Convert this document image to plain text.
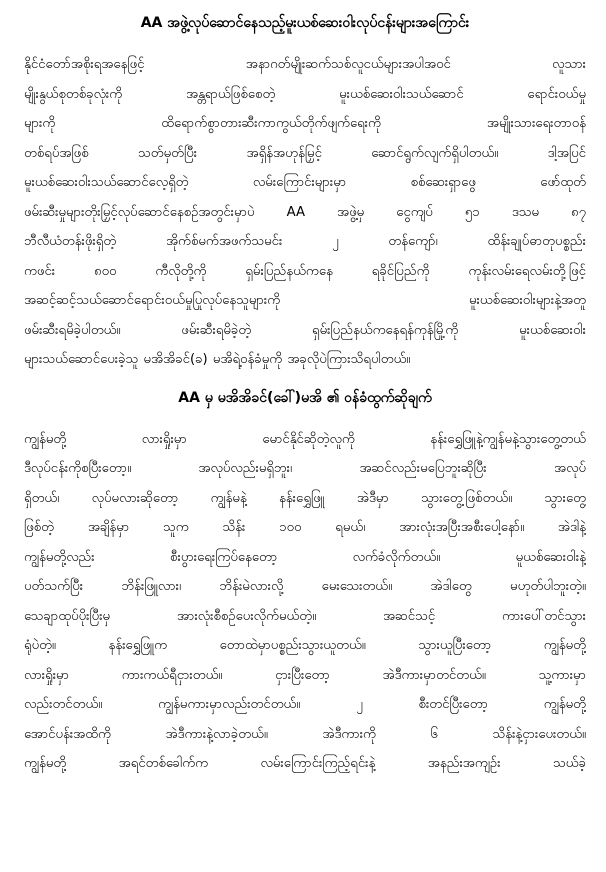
AA အဖွဲ့လုပ်ဆောင်နေသည့်မူးယစ်ဆေးဝါးလုပ်ငန်းများအကြောင်း
နိုင်ငံတော်အစိုးရအနေဖြင့် အနာဂတ်မျိုးဆက်သစ်လူငယ်များအပါအဝင် လူသား
မျိုးနွယ်စုတစ်ခုလုံးကို အန္တရာယ်ဖြစ်စေတဲ့ မူးယစ်ဆေးဝါးသယ်ဆောင် ရောင်းဝယ်မှု
များကို ထိရောက်စွာတားဆီးကာကွယ်တိုက်ဖျက်ရေးကို အမျိုးသားရေးတာဝန်
တစ်ရပ်အဖြစ် သတ်မှတ်ပြီး အရှိန်အဟုန်မြှင့် ဆောင်ရွက်လျက်ရှိပါတယ်။ ဒါ့အပြင်
မူးယစ်ဆေးဝါးသယ်ဆောင်လေ့ရှိတဲ့ လမ်းကြောင်းများမှာ စစ်ဆေးရှာဖွေ ဖော်ထုတ်
ဖမ်းဆီးမှုများတိုးမြှင့်လုပ်ဆောင်နေစဉ်အတွင်းမှာပဲ AA အဖွဲ့မှ ငွေကျပ် ၅၁ ဒသမ ၈၇
ဘီလီယံတန်းဖိုးရှိတဲ့ အိုက်စ်မက်အဖက်သမင်း ၂ တန်ကျော်၊ ထိန်းချုပ်ဓာတုပစ္စည်း
ကဖင်း ၈၀၀ ကီလိုတို့ကို ရှမ်းပြည်နယ်ကနေ ရခိုင်ပြည်ကို ကုန်းလမ်းရေလမ်းတို့ဖြင့်
အဆင့်ဆင့်သယ်ဆောင်ရောင်းဝယ်မှုပြုလုပ်နေသူများကို မူးယစ်ဆေးဝါးများနဲ့အတူ
ဖမ်းဆီးရမိခဲ့ပါတယ်။ ဖမ်းဆီးရမိခဲ့တဲ့ ရှမ်းပြည်နယ်ကနေရန်ကုန်မြို့ကို မူးယစ်ဆေးဝါး
များသယ်ဆောင်ပေးခဲ့သူ မအိအိခင်(ခ) မအိရဲ့ဝန်ခံမှုကို အခုလိုပဲကြားသိရပါတယ်။
AA မှ မအိအိခင်(ခေါ်)မအိ ၏ ဝန်ခံထွက်ဆိုချက်
ကျွန်မတို့ လားရှိုးမှာ မောင်နိုင်ဆိုတဲ့လူကို နန်းရွှေဖြူနဲ့ကျွန်မနဲ့သွားတွေ့တယ်
ဒီလုပ်ငန်းကိုစပြီးတော့။ အလုပ်လည်းမရှိဘူး၊ အဆင်လည်းမပြေဘူးဆိုပြီး အလုပ်
ရှိတယ်၊ လုပ်မလားဆိုတော့ ကျွန်မနဲ့ နန်းရွှေဖြူ အဲဒီမှာ သွားတွေ့ဖြစ်တယ်။ သွားတွေ့
ဖြစ်တဲ့ အချိန်မှာ သူက သိန်း ၁၀၀ ရမယ်၊ အားလုံးအပြီးအစီးပေါ့နော်။ အဲဒါနဲ့
ကျွန်မတို့လည်း စီးပွားရေးကြပ်နေတော့ လက်ခံလိုက်တယ်။ မူယစ်ဆေးဝါးနဲ့
ပတ်သက်ပြီး ဘိန်းဖြူလား၊ ဘိန်းမဲလားလို့ မေးသေးတယ်။ အဲဒါတွေ မဟုတ်ပါဘူးတဲ့။
သေချာထုပ်ပိုးပြီးမှ အားလုံးစီစဉ်ပေးလိုက်မယ်တဲ့။ အဆင်သင့် ကားပေါ်တင်သွား
ရုံပဲတဲ့။ နန်းရွှေဖြူက တောထဲမှာပစ္စည်းသွားယူတယ်။ သွားယူပြီးတော့ ကျွန်မတို့
လားရှိုးမှာ ကားကယ်ရီငှားတယ်။ ငှားပြီးတော့ အဲဒီကားမှာတင်တယ်။ သူ့ကားမှာ
လည်းတင်တယ်။ ကျွန်မကားမှာလည်းတင်တယ်။ ၂ စီးတင်ပြီးတော့ ကျွန်မတို့
အောင်ပန်းအထိကို အဲဒီကားနဲ့လာခဲ့တယ်။ အဲဒီကားကို ၆ သိန်းနဲ့ငှားပေးတယ်။
ကျွန်မတို့ အရင်တစ်ခေါက်က လမ်းကြောင်းကြည့်ရင်းနဲ့ အနည်းအကျဉ်း သယ်ခဲ့
